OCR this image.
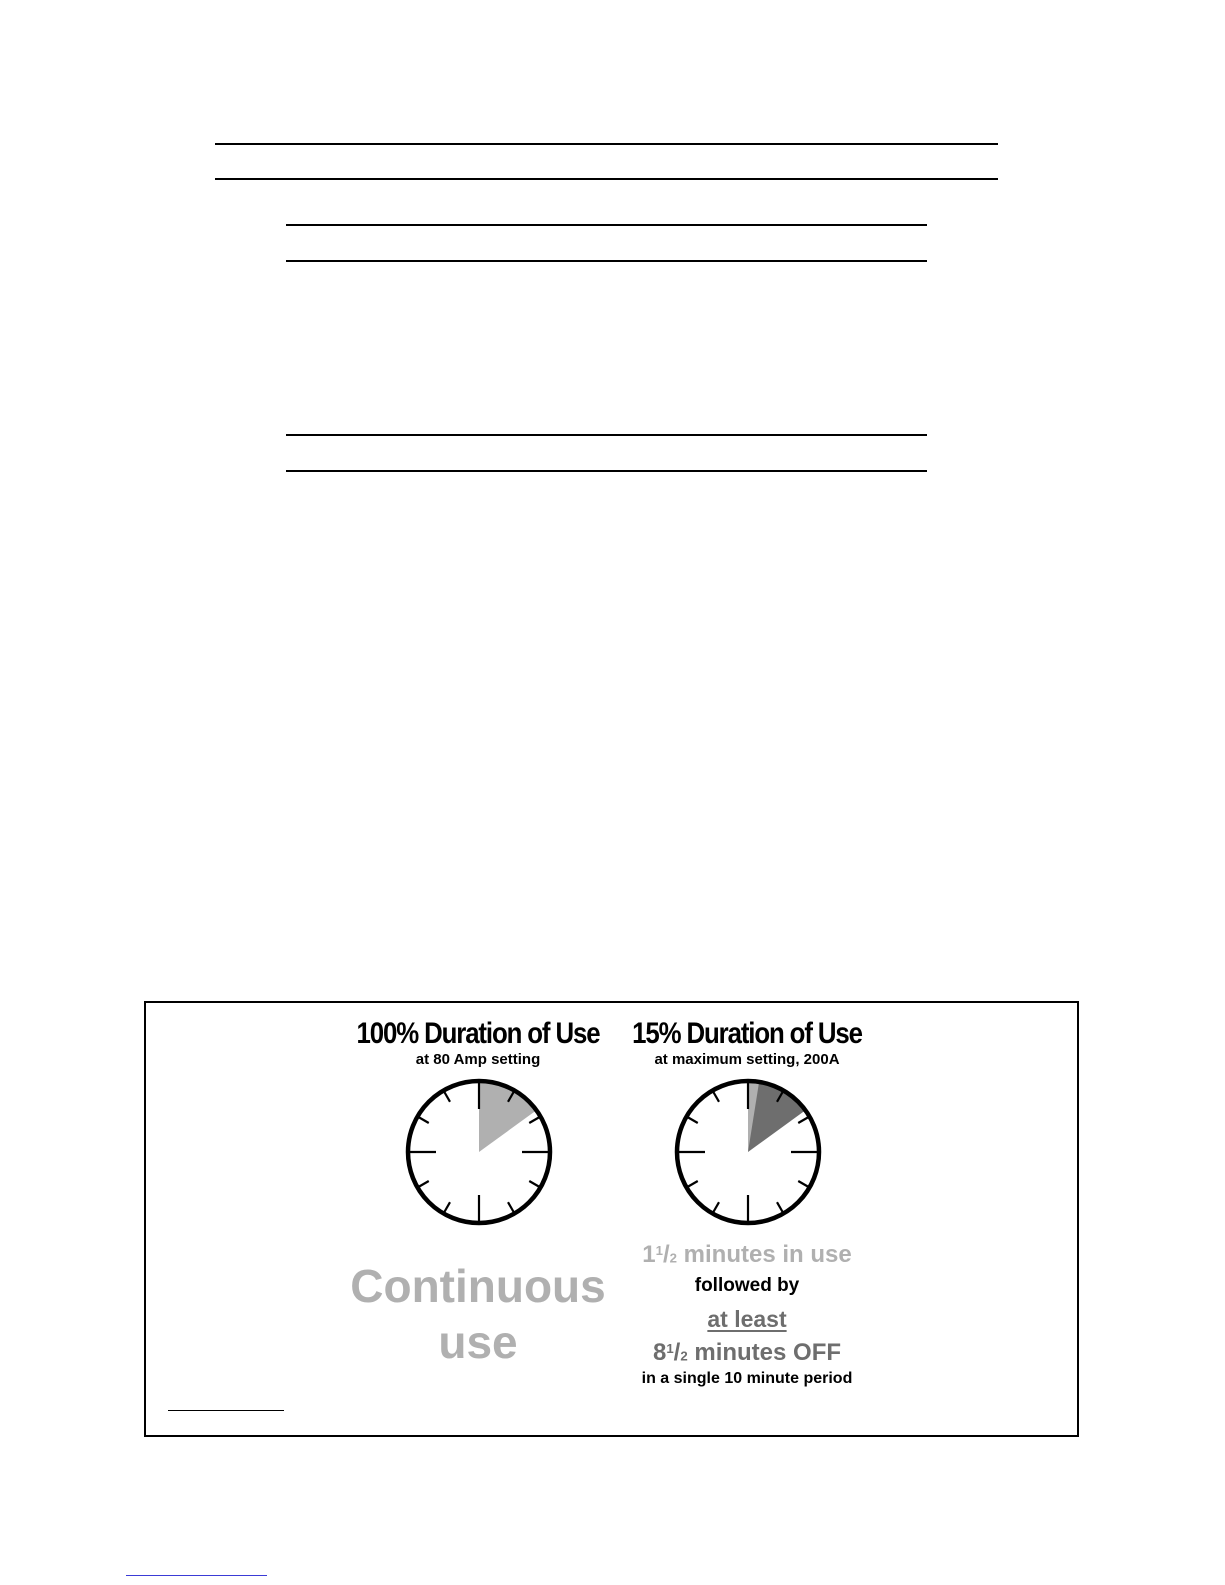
100% Duration of Use
at 80 Amp setting
Continuous
use
15% Duration of Use
at maximum setting, 200A
$1^1/_2$ minutes in use
followed by
at least
$8^1/_2$ minutes OFF
in a single 10 minute period
